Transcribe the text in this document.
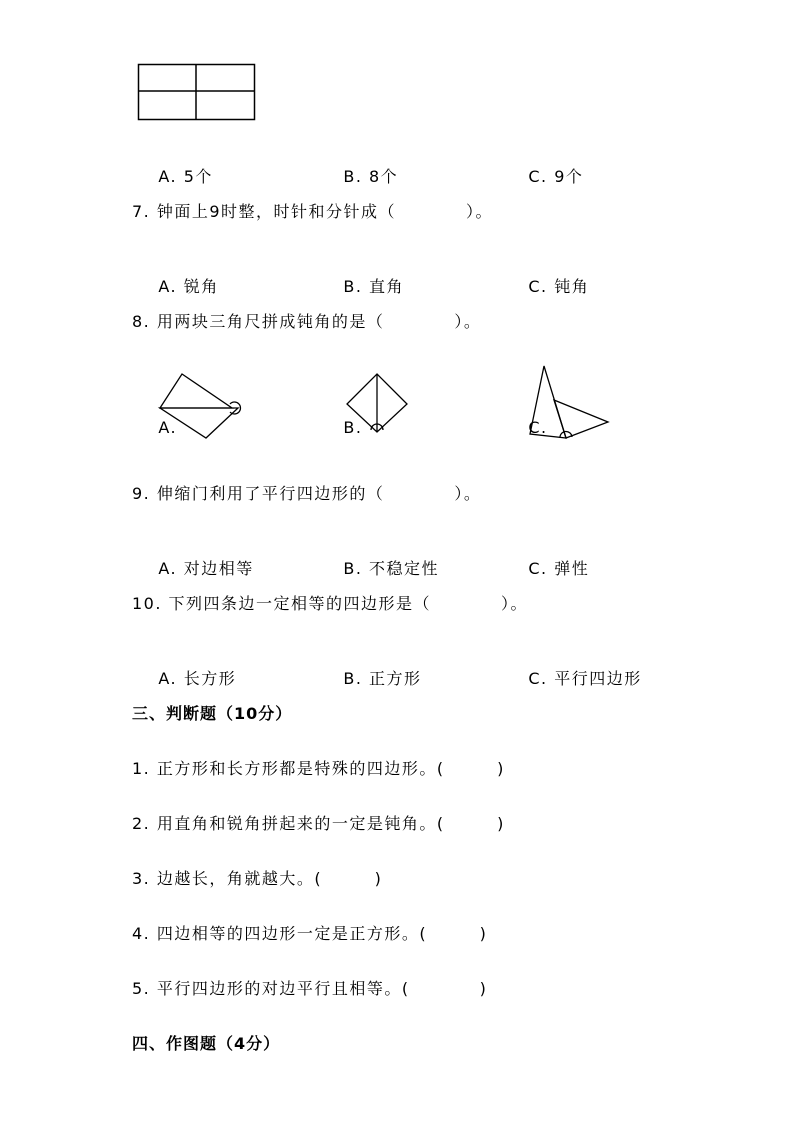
A. 5个
	B. 8个
	C. 9个

7. 钟面上9时整，时针和分针成（　　　　）。

A. 锐角
	B. 直角
	C. 钝角

8. 用两块三角尺拼成钝角的是（　　　　）。

A.
	B.
	C.

9. 伸缩门利用了平行四边形的（　　　　）。

A. 对边相等
	B. 不稳定性
	C. 弹性

10. 下列四条边一定相等的四边形是（　　　　）。

A. 长方形
	B. 正方形
	C. 平行四边形

三、判断题（10分）
1. 正方形和长方形都是特殊的四边形。(　　　)
2. 用直角和锐角拼起来的一定是钝角。(　　　)
3. 边越长，角就越大。(　　　)
4. 四边相等的四边形一定是正方形。(　　　)
5. 平行四边形的对边平行且相等。(　　　　)
四、作图题（4分）
